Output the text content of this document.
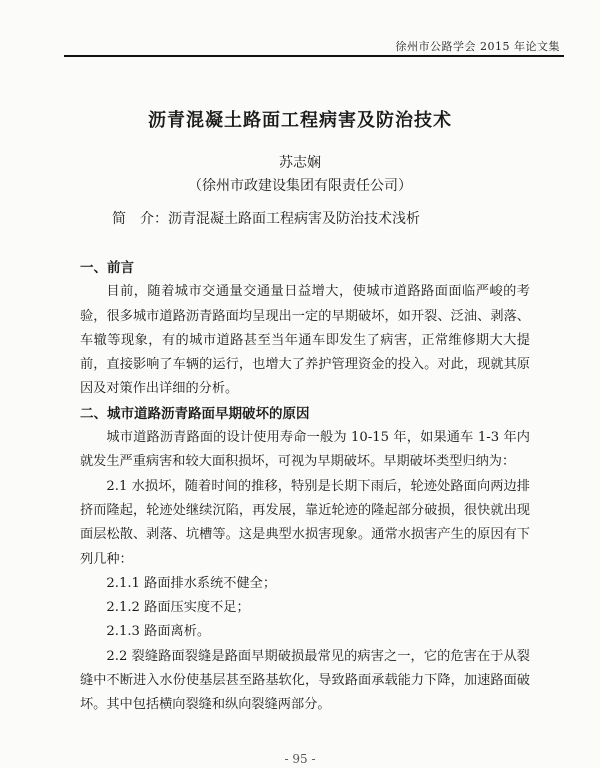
徐州市公路学会 2015 年论文集
沥青混凝土路面工程病害及防治技术
苏志娴
（徐州市政建设集团有限责任公司）
简　介：沥青混凝土路面工程病害及防治技术浅析
一、前言
目前，随着城市交通量交通量日益增大，使城市道路路面面临严峻的考验，很多城市道路沥青路面均呈现出一定的早期破坏，如开裂、泛油、剥落、车辙等现象，有的城市道路甚至当年通车即发生了病害，正常维修期大大提前，直接影响了车辆的运行，也增大了养护管理资金的投入。对此，现就其原因及对策作出详细的分析。
二、城市道路沥青路面早期破坏的原因
城市道路沥青路面的设计使用寿命一般为 10-15 年，如果通车 1-3 年内就发生严重病害和较大面积损坏，可视为早期破坏。早期破坏类型归纳为：
2.1 水损坏，随着时间的推移，特别是长期下雨后，轮迹处路面向两边排挤而隆起，轮迹处继续沉陷，再发展，靠近轮迹的隆起部分破损，很快就出现面层松散、剥落、坑槽等。这是典型水损害现象。通常水损害产生的原因有下列几种：
2.1.1 路面排水系统不健全；
2.1.2 路面压实度不足；
2.1.3 路面离析。
2.2 裂缝路面裂缝是路面早期破损最常见的病害之一，它的危害在于从裂缝中不断进入水份使基层甚至路基软化，导致路面承载能力下降，加速路面破坏。其中包括横向裂缝和纵向裂缝两部分。
- 95 -
